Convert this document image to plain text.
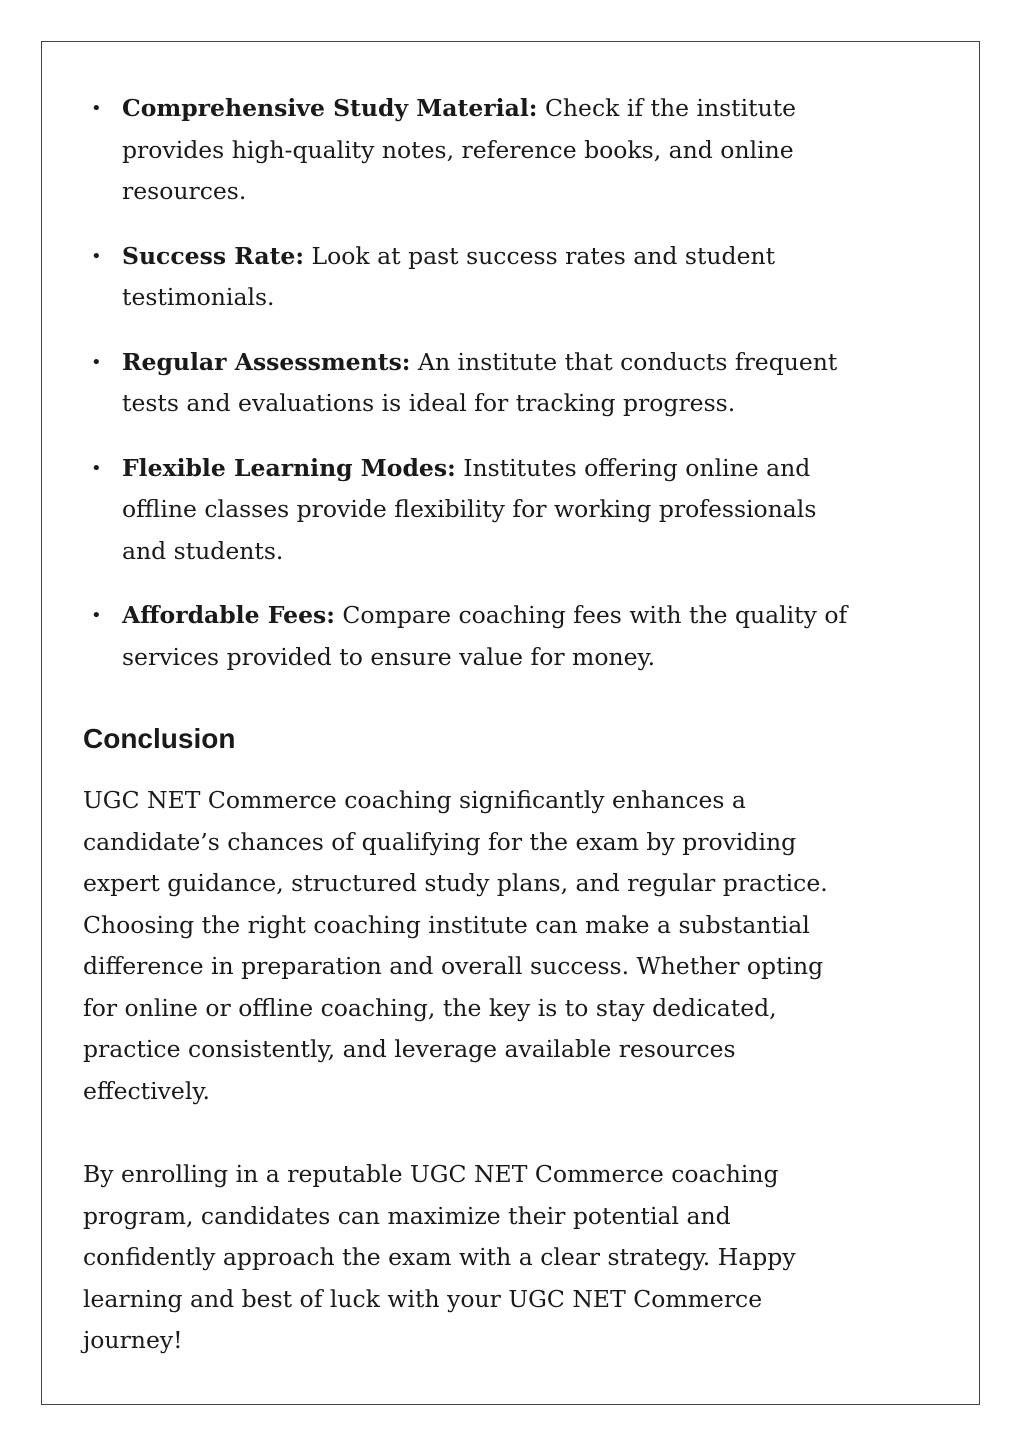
• Comprehensive Study Material: Check if the institute provides high-quality notes, reference books, and online resources.
• Success Rate: Look at past success rates and student testimonials.
• Regular Assessments: An institute that conducts frequent tests and evaluations is ideal for tracking progress.
• Flexible Learning Modes: Institutes offering online and offline classes provide flexibility for working professionals and students.
• Affordable Fees: Compare coaching fees with the quality of services provided to ensure value for money.
Conclusion

UGC NET Commerce coaching significantly enhances a candidate’s chances of qualifying for the exam by providing expert guidance, structured study plans, and regular practice. Choosing the right coaching institute can make a substantial difference in preparation and overall success. Whether opting for online or offline coaching, the key is to stay dedicated, practice consistently, and leverage available resources effectively.

By enrolling in a reputable UGC NET Commerce coaching program, candidates can maximize their potential and confidently approach the exam with a clear strategy. Happy learning and best of luck with your UGC NET Commerce journey!
